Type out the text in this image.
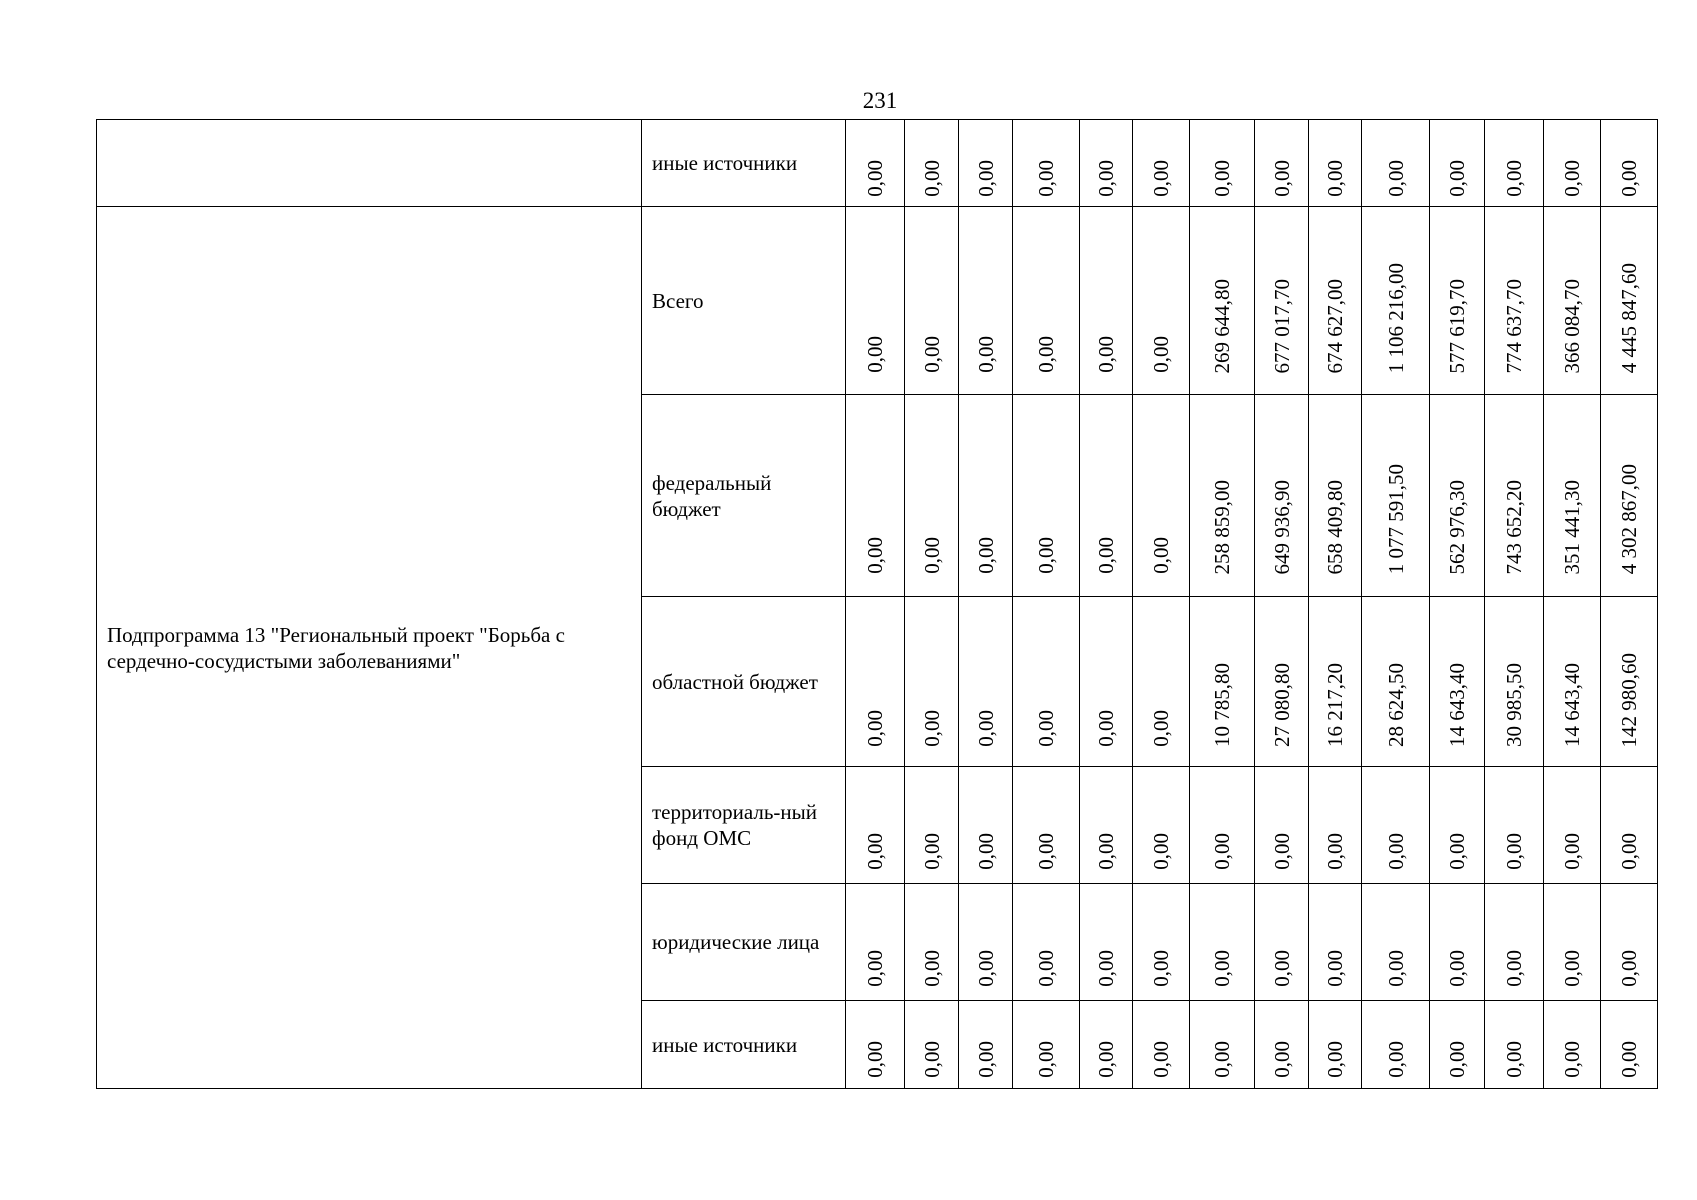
231
	иные источники	0,00	0,00	0,00	0,00	0,00	0,00	0,00	0,00	0,00	0,00	0,00	0,00	0,00	0,00

Подпрограмма 13 "Региональный проект "Борьба с сердечно-сосудистыми заболеваниями"	Всего	0,00	0,00	0,00	0,00	0,00	0,00	269 644,80	677 017,70	674 627,00	1 106 216,00	577 619,70	774 637,70	366 084,70	4 445 847,60

	федеральный бюджет	0,00	0,00	0,00	0,00	0,00	0,00	258 859,00	649 936,90	658 409,80	1 077 591,50	562 976,30	743 652,20	351 441,30	4 302 867,00

	областной бюджет	0,00	0,00	0,00	0,00	0,00	0,00	10 785,80	27 080,80	16 217,20	28 624,50	14 643,40	30 985,50	14 643,40	142 980,60

	территориаль-ный фонд ОМС	0,00	0,00	0,00	0,00	0,00	0,00	0,00	0,00	0,00	0,00	0,00	0,00	0,00	0,00

	юридические лица	0,00	0,00	0,00	0,00	0,00	0,00	0,00	0,00	0,00	0,00	0,00	0,00	0,00	0,00

	иные источники	0,00	0,00	0,00	0,00	0,00	0,00	0,00	0,00	0,00	0,00	0,00	0,00	0,00	0,00
